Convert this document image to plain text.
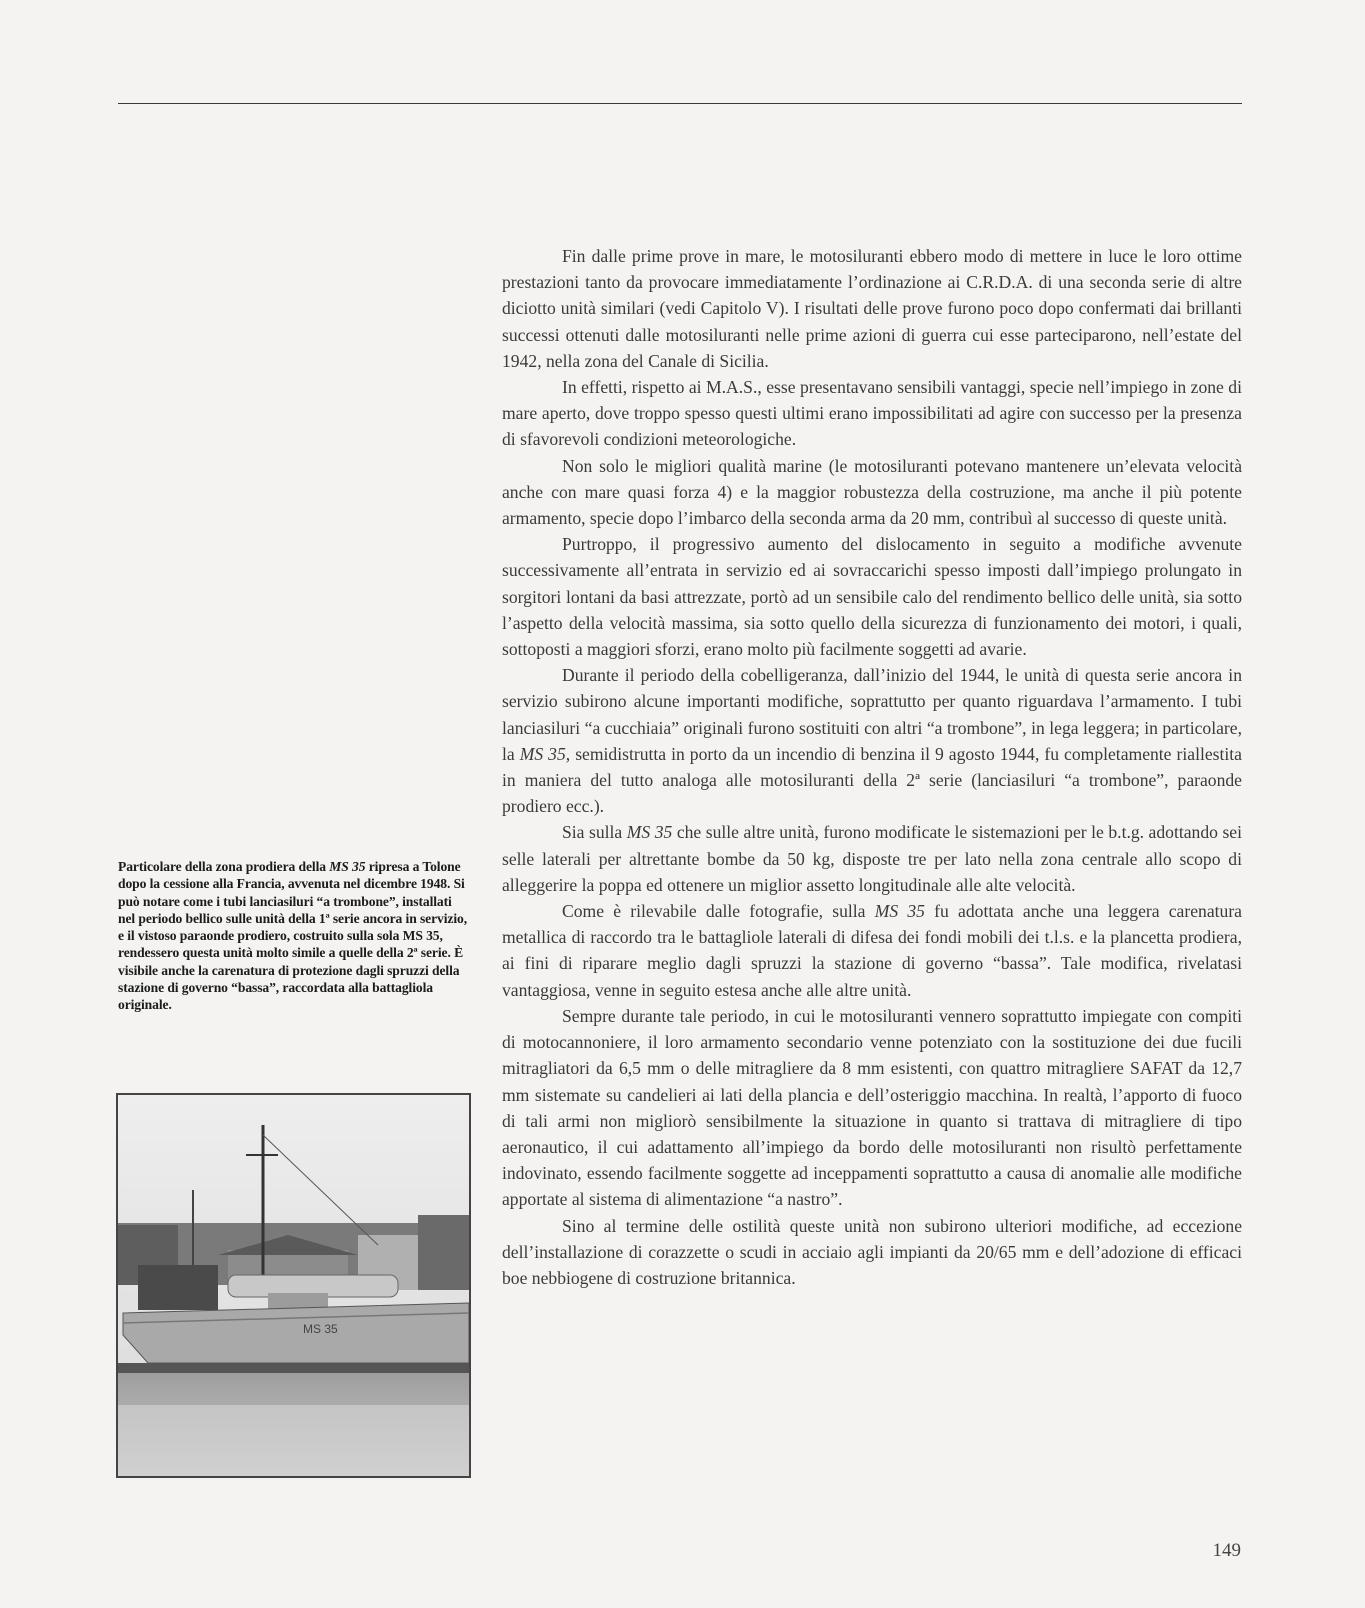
Particolare della zona prodiera della MS 35 ripresa a Tolone dopo la cessione alla Francia, avvenuta nel dicembre 1948. Si può notare come i tubi lanciasiluri “a trombone”, installati nel periodo bellico sulle unità della 1ª serie ancora in servizio, e il vistoso paraonde prodiero, costruito sulla sola MS 35, rendessero questa unità molto simile a quelle della 2ª serie. È visibile anche la carenatura di protezione dagli spruzzi della stazione di governo “bassa”, raccordata alla battagliola originale.
MS 35

Fin dalle prime prove in mare, le motosiluranti ebbero modo di mettere in luce le loro ottime prestazioni tanto da provocare immediatamente l’ordinazione ai C.R.D.A. di una seconda serie di altre diciotto unità similari (vedi Capitolo V). I risultati delle prove furono poco dopo confermati dai brillanti successi ottenuti dalle motosiluranti nelle prime azioni di guerra cui esse parteciparono, nell’estate del 1942, nella zona del Canale di Sicilia.

In effetti, rispetto ai M.A.S., esse presentavano sensibili vantaggi, specie nell’impiego in zone di mare aperto, dove troppo spesso questi ultimi erano impossibilitati ad agire con successo per la presenza di sfavorevoli condizioni meteorologiche.

Non solo le migliori qualità marine (le motosiluranti potevano mantenere un’elevata velocità anche con mare quasi forza 4) e la maggior robustezza della costruzione, ma anche il più potente armamento, specie dopo l’imbarco della seconda arma da 20 mm, contribuì al successo di queste unità.

Purtroppo, il progressivo aumento del dislocamento in seguito a modifiche avvenute successivamente all’entrata in servizio ed ai sovraccarichi spesso imposti dall’impiego prolungato in sorgitori lontani da basi attrezzate, portò ad un sensibile calo del rendimento bellico delle unità, sia sotto l’aspetto della velocità massima, sia sotto quello della sicurezza di funzionamento dei motori, i quali, sottoposti a maggiori sforzi, erano molto più facilmente soggetti ad avarie.

Durante il periodo della cobelligeranza, dall’inizio del 1944, le unità di questa serie ancora in servizio subirono alcune importanti modifiche, soprattutto per quanto riguardava l’armamento. I tubi lanciasiluri “a cucchiaia” originali furono sostituiti con altri “a trombone”, in lega leggera; in particolare, la MS 35, semidistrutta in porto da un incendio di benzina il 9 agosto 1944, fu completamente riallestita in maniera del tutto analoga alle motosiluranti della 2ª serie (lanciasiluri “a trombone”, paraonde prodiero ecc.).

Sia sulla MS 35 che sulle altre unità, furono modificate le sistemazioni per le b.t.g. adottando sei selle laterali per altrettante bombe da 50 kg, disposte tre per lato nella zona centrale allo scopo di alleggerire la poppa ed ottenere un miglior assetto longitudinale alle alte velocità.

Come è rilevabile dalle fotografie, sulla MS 35 fu adottata anche una leggera carenatura metallica di raccordo tra le battagliole laterali di difesa dei fondi mobili dei t.l.s. e la plancetta prodiera, ai fini di riparare meglio dagli spruzzi la stazione di governo “bassa”. Tale modifica, rivelatasi vantaggiosa, venne in seguito estesa anche alle altre unità.

Sempre durante tale periodo, in cui le motosiluranti vennero soprattutto impiegate con compiti di motocannoniere, il loro armamento secondario venne potenziato con la sostituzione dei due fucili mitragliatori da 6,5 mm o delle mitragliere da 8 mm esistenti, con quattro mitragliere SAFAT da 12,7 mm sistemate su candelieri ai lati della plancia e dell’osteriggio macchina. In realtà, l’apporto di fuoco di tali armi non migliorò sensibilmente la situazione in quanto si trattava di mitragliere di tipo aeronautico, il cui adattamento all’impiego da bordo delle motosiluranti non risultò perfettamente indovinato, essendo facilmente soggette ad inceppamenti soprattutto a causa di anomalie alle modifiche apportate al sistema di alimentazione “a nastro”.

Sino al termine delle ostilità queste unità non subirono ulteriori modifiche, ad eccezione dell’installazione di corazzette o scudi in acciaio agli impianti da 20/65 mm e dell’adozione di efficaci boe nebbiogene di costruzione britannica.

149
